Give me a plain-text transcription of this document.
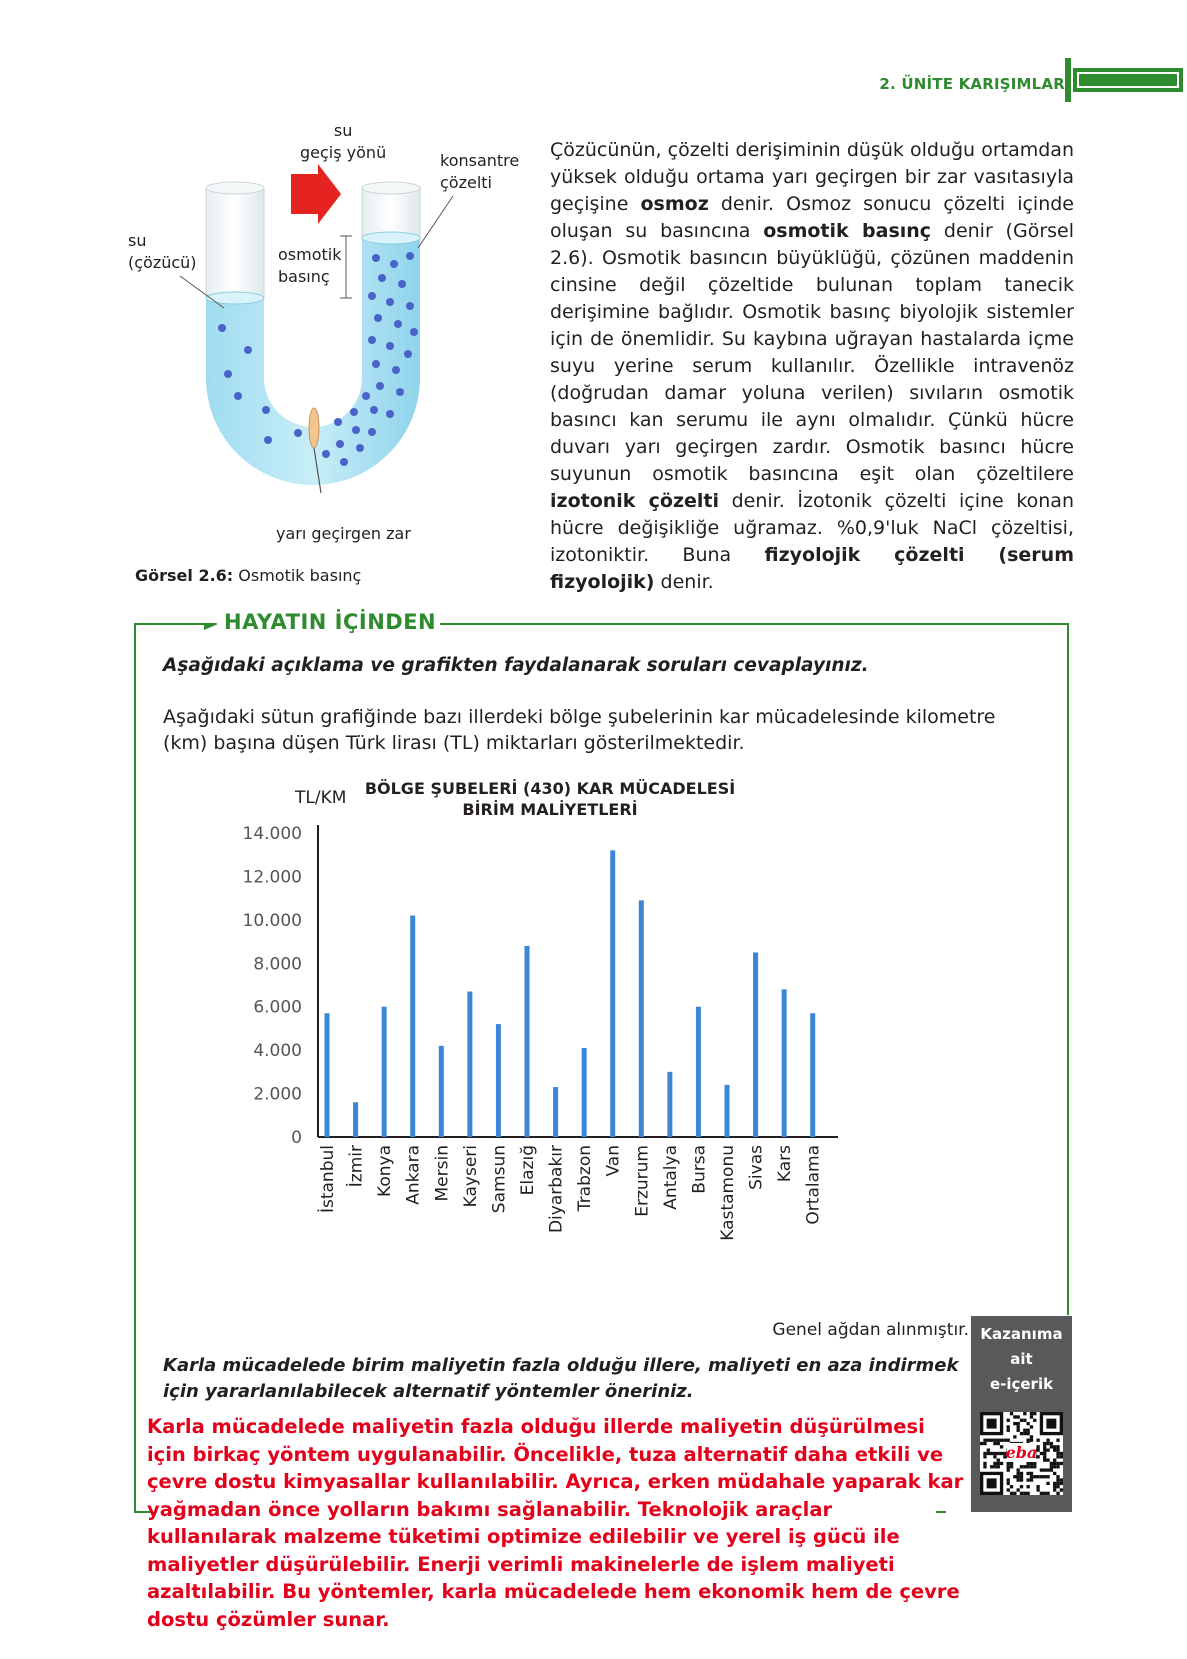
2. ÜNİTE KARIŞIMLAR
su
geçiş yönü	konsantre
çözelti
su
(çözücü)	osmotik
basınç
yarı geçirgen zar
Görsel 2.6: Osmotik basınç
Çözücünün, çözelti derişiminin düşük olduğu ortamdan yüksek olduğu ortama yarı geçirgen bir zar vasıtasıyla geçişine osmoz denir. Osmoz sonucu çözelti içinde oluşan su basıncına osmotik basınç denir (Görsel 2.6). Osmotik basıncın büyüklüğü, çözünen maddenin cinsine değil çözeltide bulunan toplam tanecik derişimine bağlıdır. Osmotik basınç biyolojik sistemler için de önemlidir. Su kaybına uğrayan hastalarda içme suyu yerine serum kullanılır. Özellikle intravenöz (doğrudan damar yoluna verilen) sıvıların osmotik basıncı kan serumu ile aynı olmalıdır. Çünkü hücre duvarı yarı geçirgen zardır. Osmotik basıncı hücre suyunun osmotik basıncına eşit olan çözeltilere izotonik çözelti denir. İzotonik çözelti içine konan hücre değişikliğe uğramaz. %0,9'luk NaCl çözeltisi, izotoniktir. Buna fizyolojik çözelti (serum fizyolojik) denir.
HAYATIN İÇİNDEN
Aşağıdaki açıklama ve grafikten faydalanarak soruları cevaplayınız.
Aşağıdaki sütun grafiğinde bazı illerdeki bölge şubelerinin kar mücadelesinde kilometre (km) başına düşen Türk lirası (TL) miktarları gösterilmektedir.
BÖLGE ŞUBELERİ (430) KAR MÜCADELESİ
BİRİM MALİYETLERİ
TL/KM
0
2.000
4.000
6.000
8.000
10.000
12.000
14.000
İstanbul İzmir Konya Ankara Mersin Kayseri Samsun Elazığ Diyarbakır Trabzon Van Erzurum Antalya Bursa Kastamonu Sivas Kars Ortalama
Genel ağdan alınmıştır.
Karla mücadelede birim maliyetin fazla olduğu illere, maliyeti en aza indirmek için yararlanılabilecek alternatif yöntemler öneriniz.
Karla mücadelede maliyetin fazla olduğu illerde maliyetin düşürülmesi için birkaç yöntem uygulanabilir. Öncelikle, tuza alternatif daha etkili ve çevre dostu kimyasallar kullanılabilir. Ayrıca, erken müdahale yaparak kar yağmadan önce yolların bakımı sağlanabilir. Teknolojik araçlar kullanılarak malzeme tüketimi optimize edilebilir ve yerel iş gücü ile maliyetler düşürülebilir. Enerji verimli makinelerle de işlem maliyeti azaltılabilir. Bu yöntemler, karla mücadelede hem ekonomik hem de çevre dostu çözümler sunar.
Kazanıma
ait
e-içerik
eba
